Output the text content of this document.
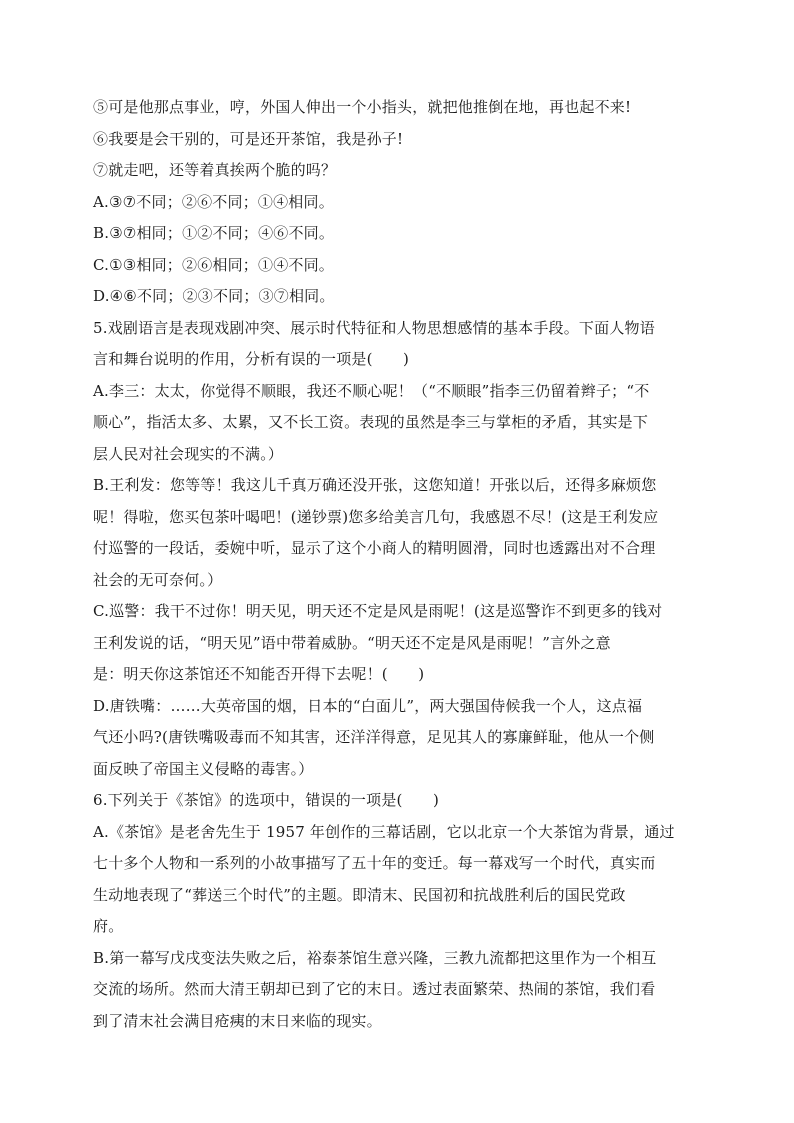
⑤可是他那点事业，哼，外国人伸出一个小指头，就把他推倒在地，再也起不来!
⑥我要是会干别的，可是还开茶馆，我是孙子!
⑦就走吧，还等着真挨两个脆的吗？
A.③⑦不同；②⑥不同；①④相同。
B.③⑦相同；①②不同；④⑥不同。
C.①③相同；②⑥相同；①④不同。
D.④⑥不同；②③不同；③⑦相同。
5.戏剧语言是表现戏剧冲突、展示时代特征和人物思想感情的基本手段。下面人物语
言和舞台说明的作用，分析有误的一项是(　　)
A.李三：太太，你觉得不顺眼，我还不顺心呢！（“不顺眼”指李三仍留着辫子；“不
顺心”，指活太多、太累，又不长工资。表现的虽然是李三与掌柜的矛盾，其实是下
层人民对社会现实的不满。）
B.王利发：您等等！我这儿千真万确还没开张，这您知道！开张以后，还得多麻烦您
呢！得啦，您买包茶叶喝吧！(递钞票)您多给美言几句，我感恩不尽！(这是王利发应
付巡警的一段话，委婉中听，显示了这个小商人的精明圆滑，同时也透露出对不合理
社会的无可奈何。）
C.巡警：我干不过你！明天见，明天还不定是风是雨呢！(这是巡警诈不到更多的钱对
王利发说的话，“明天见”语中带着威胁。“明天还不定是风是雨呢！”言外之意
是：明天你这茶馆还不知能否开得下去呢！(　　)
D.唐铁嘴：……大英帝国的烟，日本的“白面儿”，两大强国侍候我一个人，这点福
气还小吗?(唐铁嘴吸毒而不知其害，还洋洋得意，足见其人的寡廉鲜耻，他从一个侧
面反映了帝国主义侵略的毒害。）
6.下列关于《茶馆》的选项中，错误的一项是(　　)
A.《茶馆》是老舍先生于 1957 年创作的三幕话剧，它以北京一个大茶馆为背景，通过
七十多个人物和一系列的小故事描写了五十年的变迁。每一幕戏写一个时代，真实而
生动地表现了“葬送三个时代”的主题。即清末、民国初和抗战胜利后的国民党政
府。
B.第一幕写戊戌变法失败之后，裕泰茶馆生意兴隆，三教九流都把这里作为一个相互
交流的场所。然而大清王朝却已到了它的末日。透过表面繁荣、热闹的茶馆，我们看
到了清末社会满目疮痍的末日来临的现实。
